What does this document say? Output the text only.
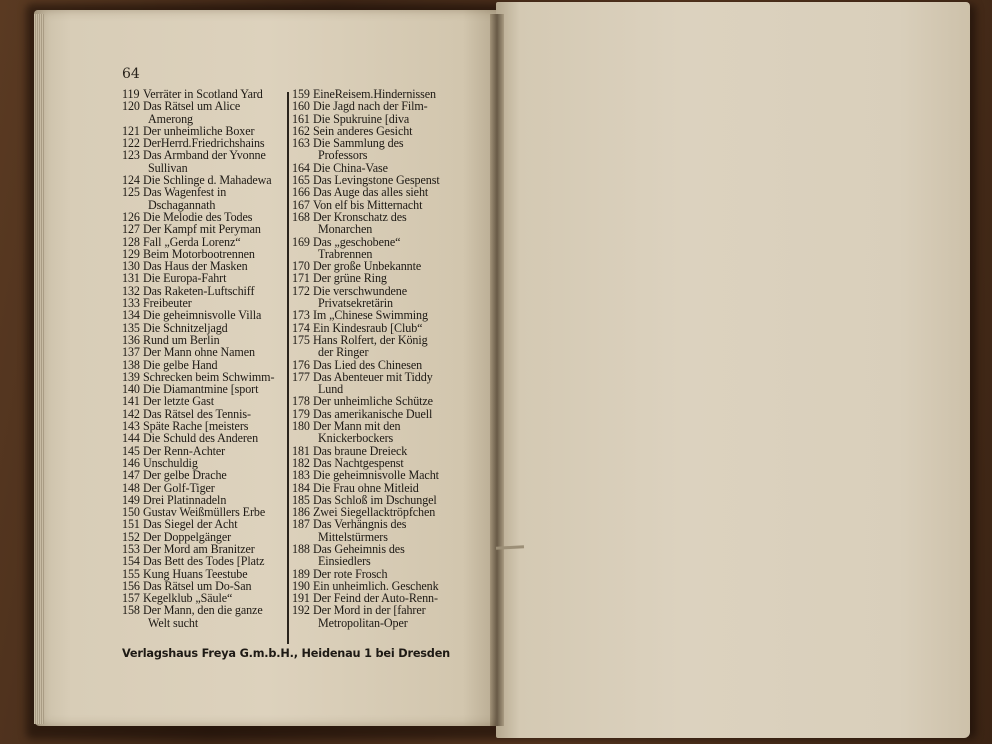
64
119 Verräter in Scotland Yard
120 Das Rätsel um Alice
Amerong
121 Der unheimliche Boxer
122 DerHerrd.Friedrichshains
123 Das Armband der Yvonne
Sullivan
124 Die Schlinge d. Mahadewa
125 Das Wagenfest in
Dschagannath
126 Die Melodie des Todes
127 Der Kampf mit Peryman
128 Fall „Gerda Lorenz“
129 Beim Motorbootrennen
130 Das Haus der Masken
131 Die Europa-Fahrt
132 Das Raketen-Luftschiff
133 Freibeuter
134 Die geheimnisvolle Villa
135 Die Schnitzeljagd
136 Rund um Berlin
137 Der Mann ohne Namen
138 Die gelbe Hand
139 Schrecken beim Schwimm-
140 Die Diamantmine [sport
141 Der letzte Gast
142 Das Rätsel des Tennis-
143 Späte Rache [meisters
144 Die Schuld des Anderen
145 Der Renn-Achter
146 Unschuldig
147 Der gelbe Drache
148 Der Golf-Tiger
149 Drei Platinnadeln
150 Gustav Weißmüllers Erbe
151 Das Siegel der Acht
152 Der Doppelgänger
153 Der Mord am Branitzer
154 Das Bett des Todes [Platz
155 Kung Huans Teestube
156 Das Rätsel um Do-San
157 Kegelklub „Säule“
158 Der Mann, den die ganze
Welt sucht
159 EineReisem.Hindernissen
160 Die Jagd nach der Film-
161 Die Spukruine [diva
162 Sein anderes Gesicht
163 Die Sammlung des
Professors
164 Die China-Vase
165 Das Levingstone Gespenst
166 Das Auge das alles sieht
167 Von elf bis Mitternacht
168 Der Kronschatz des
Monarchen
169 Das „geschobene“
Trabrennen
170 Der große Unbekannte
171 Der grüne Ring
172 Die verschwundene
Privatsekretärin
173 Im „Chinese Swimming
174 Ein Kindesraub [Club“
175 Hans Rolfert, der König
der Ringer
176 Das Lied des Chinesen
177 Das Abenteuer mit Tiddy
Lund
178 Der unheimliche Schütze
179 Das amerikanische Duell
180 Der Mann mit den
Knickerbockers
181 Das braune Dreieck
182 Das Nachtgespenst
183 Die geheimnisvolle Macht
184 Die Frau ohne Mitleid
185 Das Schloß im Dschungel
186 Zwei Siegellacktröpfchen
187 Das Verhängnis des
Mittelstürmers
188 Das Geheimnis des
Einsiedlers
189 Der rote Frosch
190 Ein unheimlich. Geschenk
191 Der Feind der Auto-Renn-
192 Der Mord in der [fahrer
Metropolitan-Oper
Verlagshaus Freya G.m.b.H., Heidenau 1 bei Dresden
